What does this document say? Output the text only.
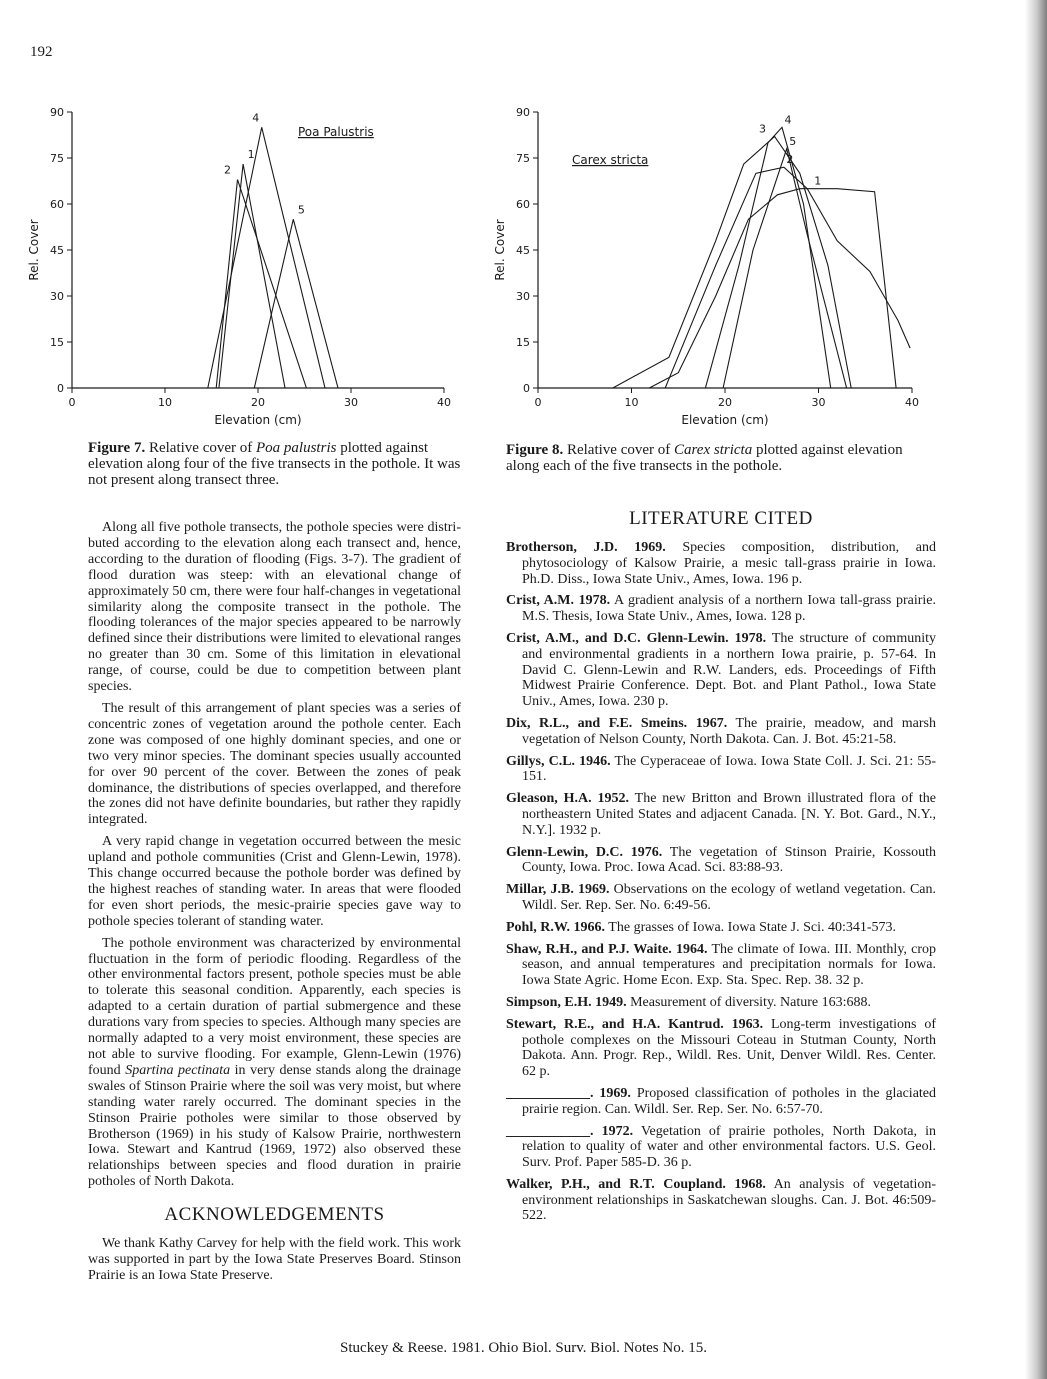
192
0	10	20	30	40
0
15
30
45
60
75
90
Elevation (cm)
Rel. Cover
Poa Palustris
1
2
4
5
0	10	20	30	40
0
15
30
45
60
75
90
Elevation (cm)
Rel. Cover
Carex stricta
1
2
3
4
5
Figure 7. Relative cover of Poa palustris plotted against elevation along four of the five transects in the pothole. It was not present along transect three.
Figure 8. Relative cover of Carex stricta plotted against elevation along each of the five transects in the pothole.

Along all five pothole transects, the pothole species were distributed according to the elevation along each transect and, hence, according to the duration of flooding (Figs. 3-7). The gradient of flood duration was steep: with an elevational change of approximately 50 cm, there were four half-changes in vegetational similarity along the composite transect in the pothole. The flooding tolerances of the major species appeared to be narrowly defined since their distributions were limited to elevational ranges no greater than 30 cm. Some of this limitation in elevational range, of course, could be due to competition between plant species.

The result of this arrangement of plant species was a series of concentric zones of vegetation around the pothole center. Each zone was composed of one highly dominant species, and one or two very minor species. The dominant species usually accounted for over 90 percent of the cover. Between the zones of peak dominance, the distributions of species overlapped, and therefore the zones did not have definite boundaries, but rather they rapidly integrated.

A very rapid change in vegetation occurred between the mesic upland and pothole communities (Crist and Glenn-Lewin, 1978). This change occurred because the pothole border was defined by the highest reaches of standing water. In areas that were flooded for even short periods, the mesic-prairie species gave way to pothole species tolerant of standing water.

The pothole environment was characterized by environmental fluctuation in the form of periodic flooding. Regardless of the other environmental factors present, pothole species must be able to tolerate this seasonal condition. Apparently, each species is adapted to a certain duration of partial submergence and these durations vary from species to species. Although many species are normally adapted to a very moist environment, these species are not able to survive flooding. For example, Glenn-Lewin (1976) found Spartina pectinata in very dense stands along the drainage swales of Stinson Prairie where the soil was very moist, but where standing water rarely occurred. The dominant species in the Stinson Prairie potholes were similar to those observed by Brotherson (1969) in his study of Kalsow Prairie, northwestern Iowa. Stewart and Kantrud (1969, 1972) also observed these relationships between species and flood duration in prairie potholes of North Dakota.

ACKNOWLEDGEMENTS

We thank Kathy Carvey for help with the field work. This work was supported in part by the Iowa State Preserves Board. Stinson Prairie is an Iowa State Preserve.

LITERATURE CITED
Brotherson, J.D. 1969. Species composition, distribution, and phytosociology of Kalsow Prairie, a mesic tall-grass prairie in Iowa. Ph.D. Diss., Iowa State Univ., Ames, Iowa. 196 p.
Crist, A.M. 1978. A gradient analysis of a northern Iowa tall-grass prairie. M.S. Thesis, Iowa State Univ., Ames, Iowa. 128 p.
Crist, A.M., and D.C. Glenn-Lewin. 1978. The structure of community and environmental gradients in a northern Iowa prairie, p. 57-64. In David C. Glenn-Lewin and R.W. Landers, eds. Proceedings of Fifth Midwest Prairie Conference. Dept. Bot. and Plant Pathol., Iowa State Univ., Ames, Iowa. 230 p.
Dix, R.L., and F.E. Smeins. 1967. The prairie, meadow, and marsh vegetation of Nelson County, North Dakota. Can. J. Bot. 45:21-58.
Gillys, C.L. 1946. The Cyperaceae of Iowa. Iowa State Coll. J. Sci. 21: 55-151.
Gleason, H.A. 1952. The new Britton and Brown illustrated flora of the northeastern United States and adjacent Canada. [N. Y. Bot. Gard., N.Y., N.Y.]. 1932 p.
Glenn-Lewin, D.C. 1976. The vegetation of Stinson Prairie, Kossouth County, Iowa. Proc. Iowa Acad. Sci. 83:88-93.
Millar, J.B. 1969. Observations on the ecology of wetland vegetation. Can. Wildl. Ser. Rep. Ser. No. 6:49-56.
Pohl, R.W. 1966. The grasses of Iowa. Iowa State J. Sci. 40:341-573.
Shaw, R.H., and P.J. Waite. 1964. The climate of Iowa. III. Monthly, crop season, and annual temperatures and precipitation normals for Iowa. Iowa State Agric. Home Econ. Exp. Sta. Spec. Rep. 38. 32 p.
Simpson, E.H. 1949. Measurement of diversity. Nature 163:688.
Stewart, R.E., and H.A. Kantrud. 1963. Long-term investigations of pothole complexes on the Missouri Coteau in Stutman County, North Dakota. Ann. Progr. Rep., Wildl. Res. Unit, Denver Wildl. Res. Center. 62 p.
____________. 1969. Proposed classification of potholes in the glaciated prairie region. Can. Wildl. Ser. Rep. Ser. No. 6:57-70.
____________. 1972. Vegetation of prairie potholes, North Dakota, in relation to quality of water and other environmental factors. U.S. Geol. Surv. Prof. Paper 585-D. 36 p.
Walker, P.H., and R.T. Coupland. 1968. An analysis of vegetation-environment relationships in Saskatchewan sloughs. Can. J. Bot. 46:509-522.
Stuckey & Reese. 1981. Ohio Biol. Surv. Biol. Notes No. 15.
